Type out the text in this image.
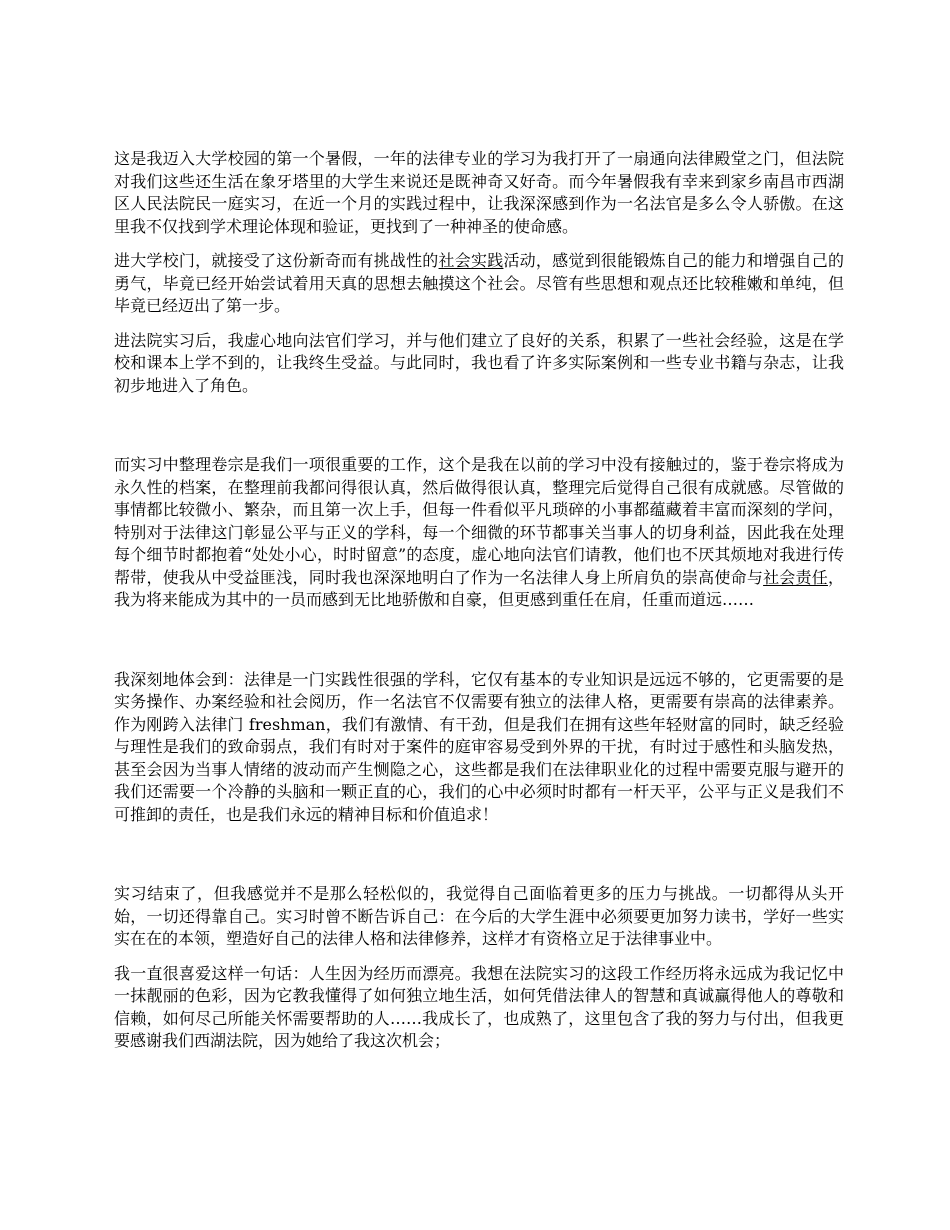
这是我迈入大学校园的第一个暑假，一年的法律专业的学习为我打开了一扇通向法律殿堂之门，但法院对我们这些还生活在象牙塔里的大学生来说还是既神奇又好奇。而今年暑假我有幸来到家乡南昌市西湖区人民法院民一庭实习，在近一个月的实践过程中，让我深深感到作为一名法官是多么令人骄傲。在这里我不仅找到学术理论体现和验证，更找到了一种神圣的使命感。

进大学校门，就接受了这份新奇而有挑战性的社会实践活动，感觉到很能锻炼自己的能力和增强自己的勇气，毕竟已经开始尝试着用天真的思想去触摸这个社会。尽管有些思想和观点还比较稚嫩和单纯，但毕竟已经迈出了第一步。

进法院实习后，我虚心地向法官们学习，并与他们建立了良好的关系，积累了一些社会经验，这是在学校和课本上学不到的，让我终生受益。与此同时，我也看了许多实际案例和一些专业书籍与杂志，让我初步地进入了角色。

而实习中整理卷宗是我们一项很重要的工作，这个是我在以前的学习中没有接触过的，鉴于卷宗将成为永久性的档案，在整理前我都问得很认真，然后做得很认真，整理完后觉得自己很有成就感。尽管做的事情都比较微小、繁杂，而且第一次上手，但每一件看似平凡琐碎的小事都蕴藏着丰富而深刻的学问，特别对于法律这门彰显公平与正义的学科，每一个细微的环节都事关当事人的切身利益，因此我在处理每个细节时都抱着“处处小心，时时留意”的态度，虚心地向法官们请教，他们也不厌其烦地对我进行传帮带，使我从中受益匪浅，同时我也深深地明白了作为一名法律人身上所肩负的崇高使命与社会责任，我为将来能成为其中的一员而感到无比地骄傲和自豪，但更感到重任在肩，任重而道远……

我深刻地体会到：法律是一门实践性很强的学科，它仅有基本的专业知识是远远不够的，它更需要的是实务操作、办案经验和社会阅历，作一名法官不仅需要有独立的法律人格，更需要有崇高的法律素养。作为刚跨入法律门 freshman，我们有激情、有干劲，但是我们在拥有这些年轻财富的同时，缺乏经验与理性是我们的致命弱点，我们有时对于案件的庭审容易受到外界的干扰，有时过于感性和头脑发热，甚至会因为当事人情绪的波动而产生恻隐之心，这些都是我们在法律职业化的过程中需要克服与避开的我们还需要一个冷静的头脑和一颗正直的心，我们的心中必须时时都有一杆天平，公平与正义是我们不可推卸的责任，也是我们永远的精神目标和价值追求！

实习结束了，但我感觉并不是那么轻松似的，我觉得自己面临着更多的压力与挑战。一切都得从头开始，一切还得靠自己。实习时曾不断告诉自己：在今后的大学生涯中必须要更加努力读书，学好一些实实在在的本领，塑造好自己的法律人格和法律修养，这样才有资格立足于法律事业中。

我一直很喜爱这样一句话：人生因为经历而漂亮。我想在法院实习的这段工作经历将永远成为我记忆中一抹靓丽的色彩，因为它教我懂得了如何独立地生活，如何凭借法律人的智慧和真诚赢得他人的尊敬和信赖，如何尽己所能关怀需要帮助的人……我成长了，也成熟了，这里包含了我的努力与付出，但我更要感谢我们西湖法院，因为她给了我这次机会；
